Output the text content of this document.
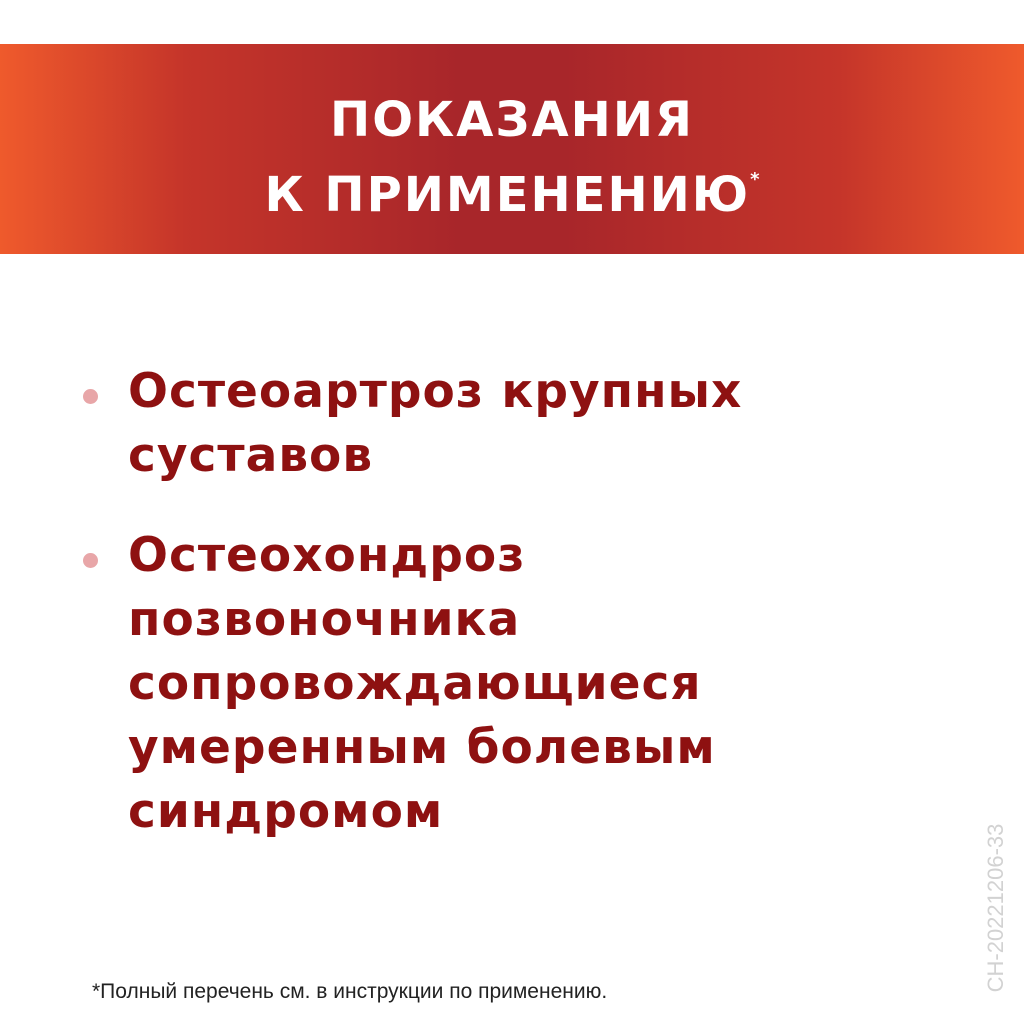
ПОКАЗАНИЯ
К ПРИМЕНЕНИЮ*
Остеоартроз крупных суставов
Остеохондроз позвоночника сопровождающиеся умеренным болевым синдромом
*Полный перечень см. в инструкции по применению.	CH-20221206-33
